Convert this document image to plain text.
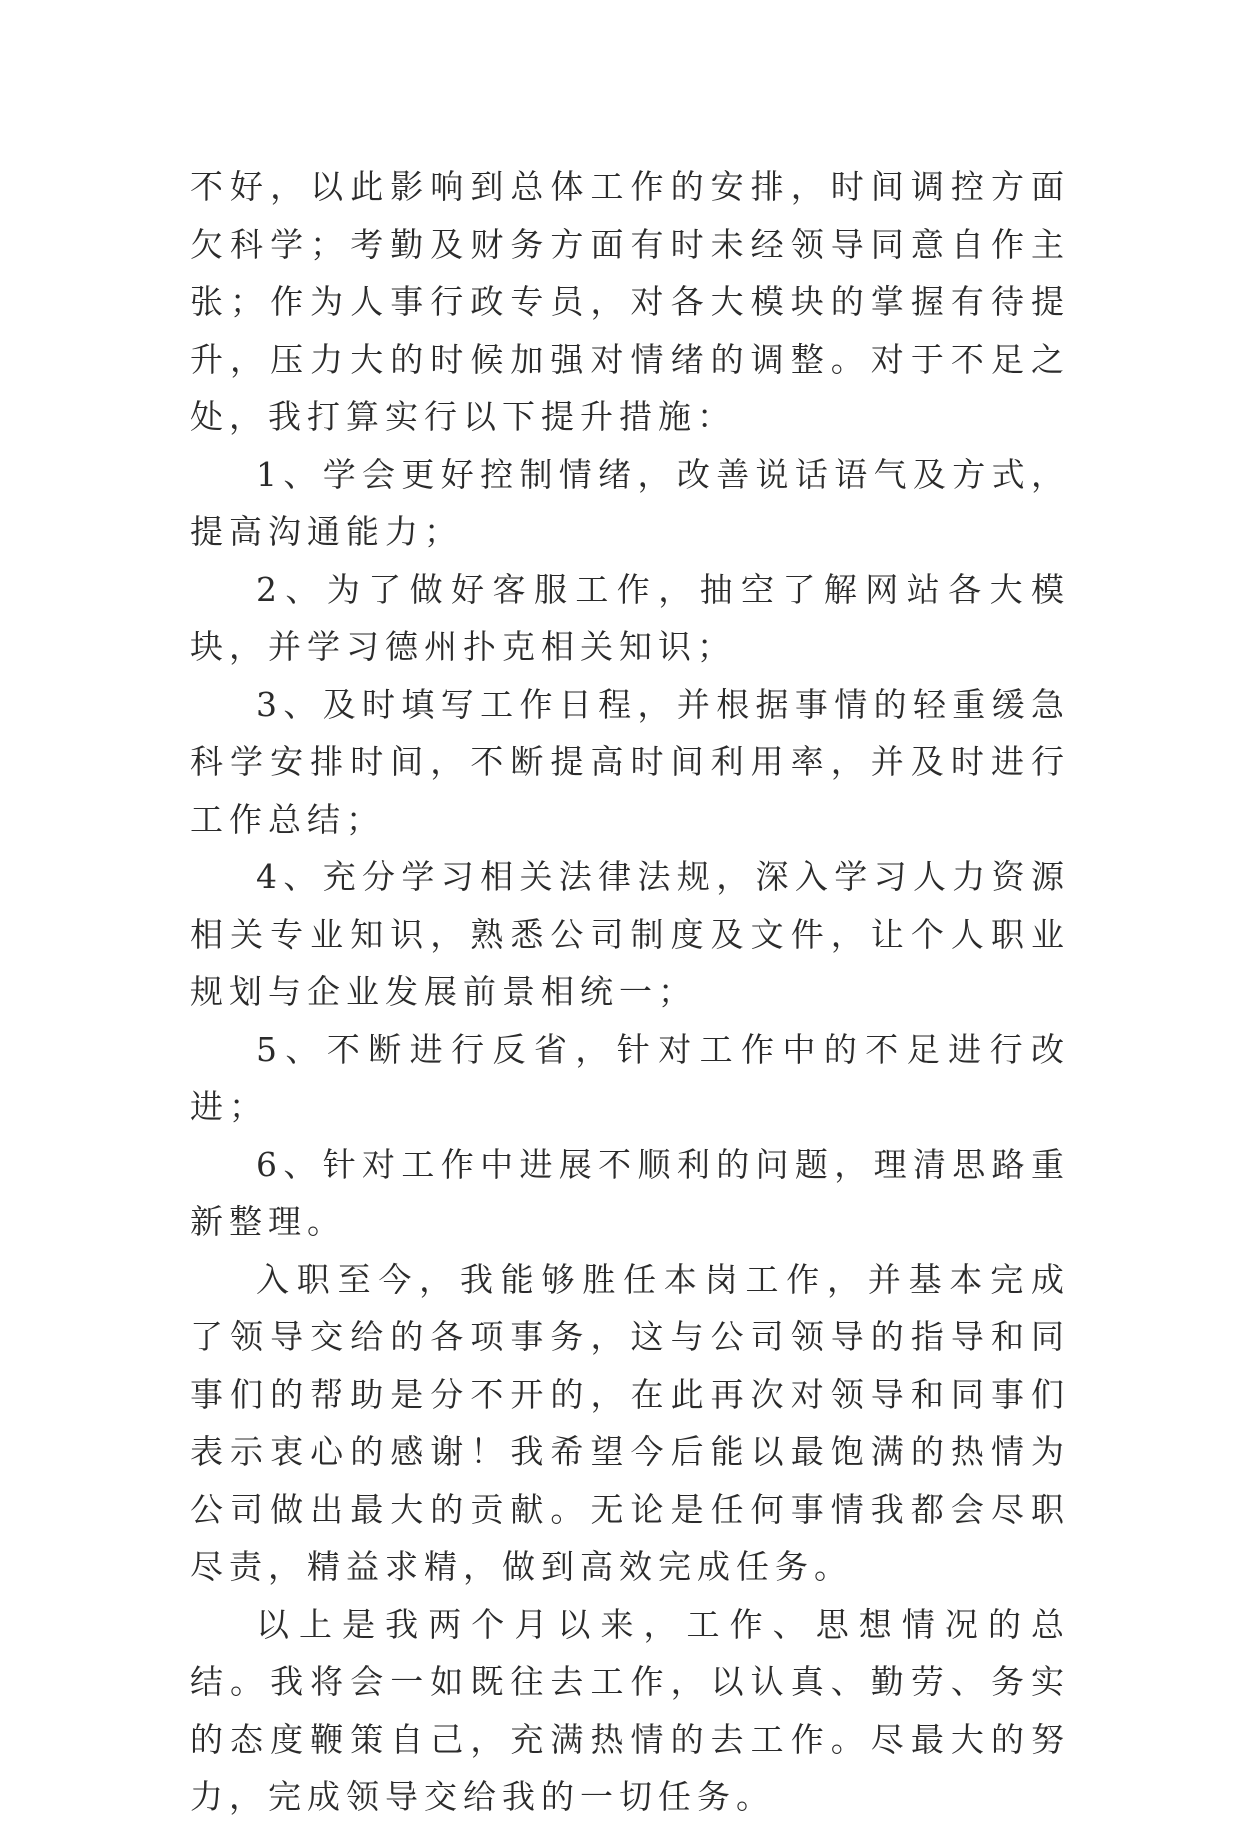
不好，以此影响到总体工作的安排，时间调控方面欠科学；考勤及财务方面有时未经领导同意自作主张；作为人事行政专员，对各大模块的掌握有待提升，压力大的时候加强对情绪的调整。对于不足之处，我打算实行以下提升措施：

1、学会更好控制情绪，改善说话语气及方式，提高沟通能力；

2、为了做好客服工作，抽空了解网站各大模块，并学习德州扑克相关知识；

3、及时填写工作日程，并根据事情的轻重缓急科学安排时间，不断提高时间利用率，并及时进行工作总结；

4、充分学习相关法律法规，深入学习人力资源相关专业知识，熟悉公司制度及文件，让个人职业规划与企业发展前景相统一；

5、不断进行反省，针对工作中的不足进行改进；

6、针对工作中进展不顺利的问题，理清思路重新整理。

入职至今，我能够胜任本岗工作，并基本完成了领导交给的各项事务，这与公司领导的指导和同事们的帮助是分不开的，在此再次对领导和同事们表示衷心的感谢！我希望今后能以最饱满的热情为公司做出最大的贡献。无论是任何事情我都会尽职尽责，精益求精，做到高效完成任务。

以上是我两个月以来，工作、思想情况的总结。我将会一如既往去工作，以认真、勤劳、务实的态度鞭策自己，充满热情的去工作。尽最大的努力，完成领导交给我的一切任务。
